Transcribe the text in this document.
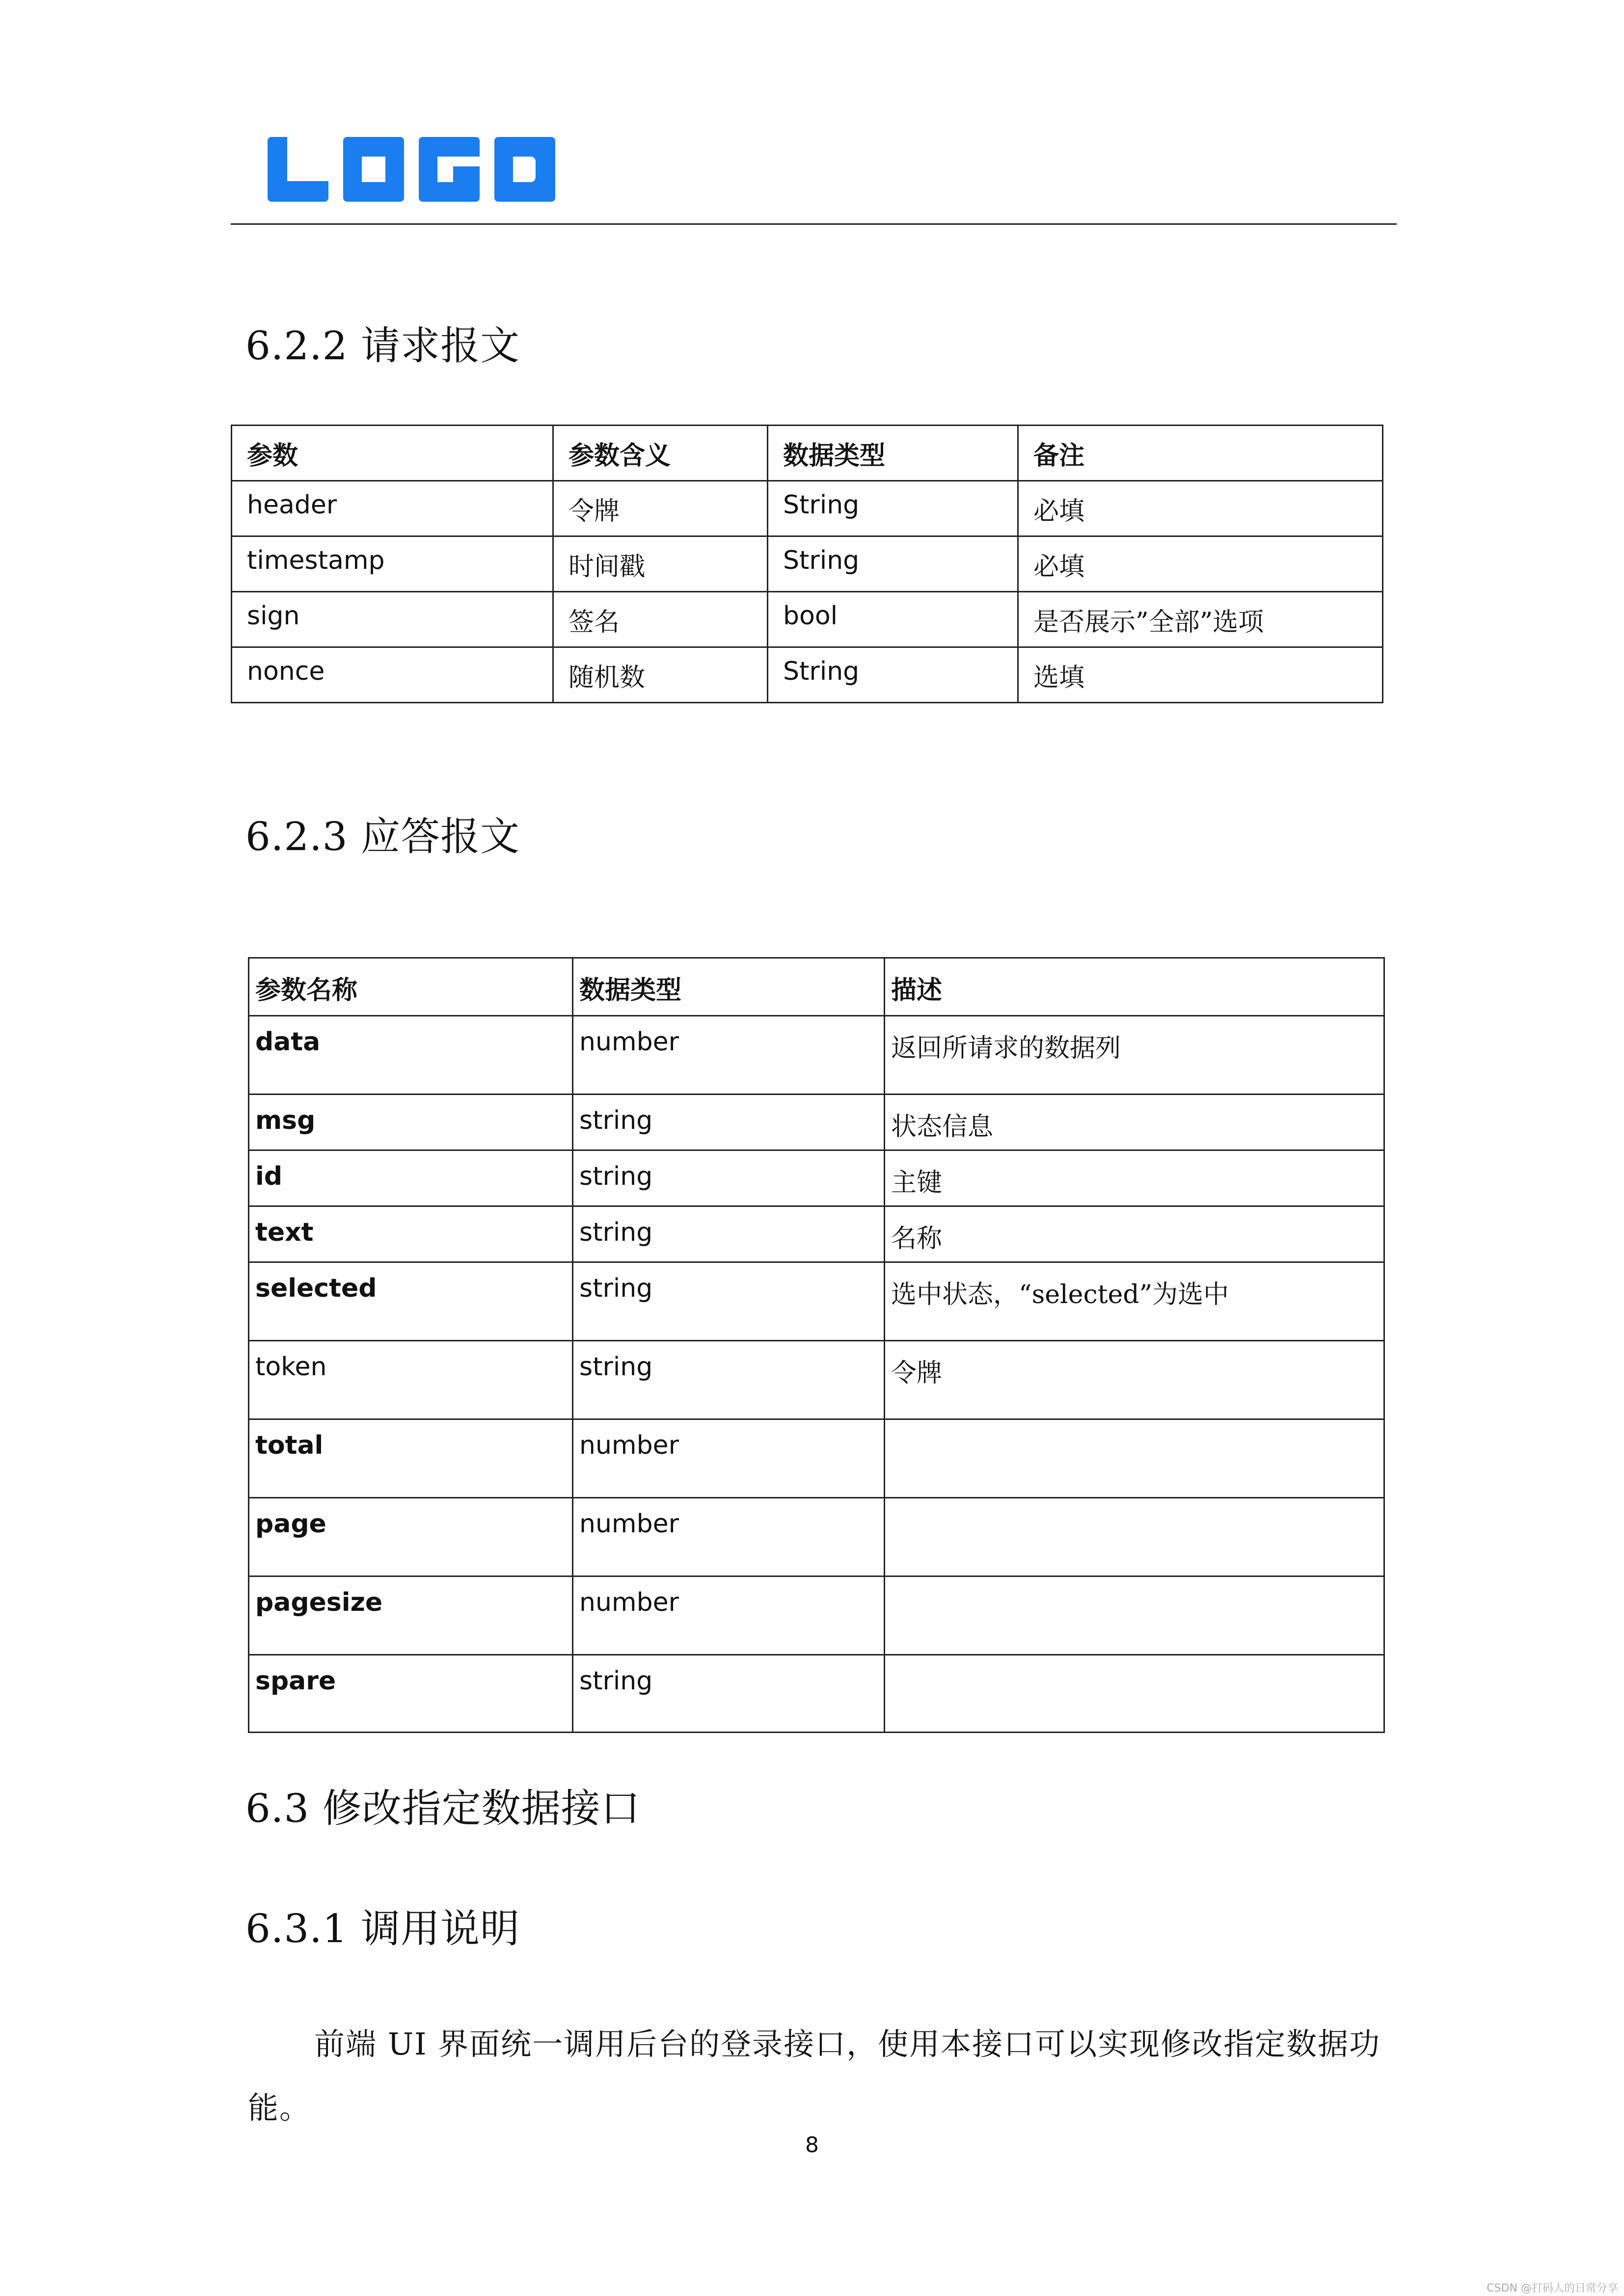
6.2.2 请求报文
参数	参数含义	数据类型	备注
header	令牌	String	必填
timestamp	时间戳	String	必填
sign	签名	bool	是否展示”全部”选项
nonce	随机数	String	选填
6.2.3 应答报文
参数名称	数据类型	描述
data	number	返回所请求的数据列
msg	string	状态信息
id	string	主键
text	string	名称
selected	string	选中状态，“selected”为选中
token	string	令牌
total	number	
page	number	
pagesize	number	
spare	string	
6.3 修改指定数据接口
6.3.1 调用说明
前端 UI 界面统一调用后台的登录接口，使用本接口可以实现修改指定数据功能。
8
CSDN @打码人的日常分享
